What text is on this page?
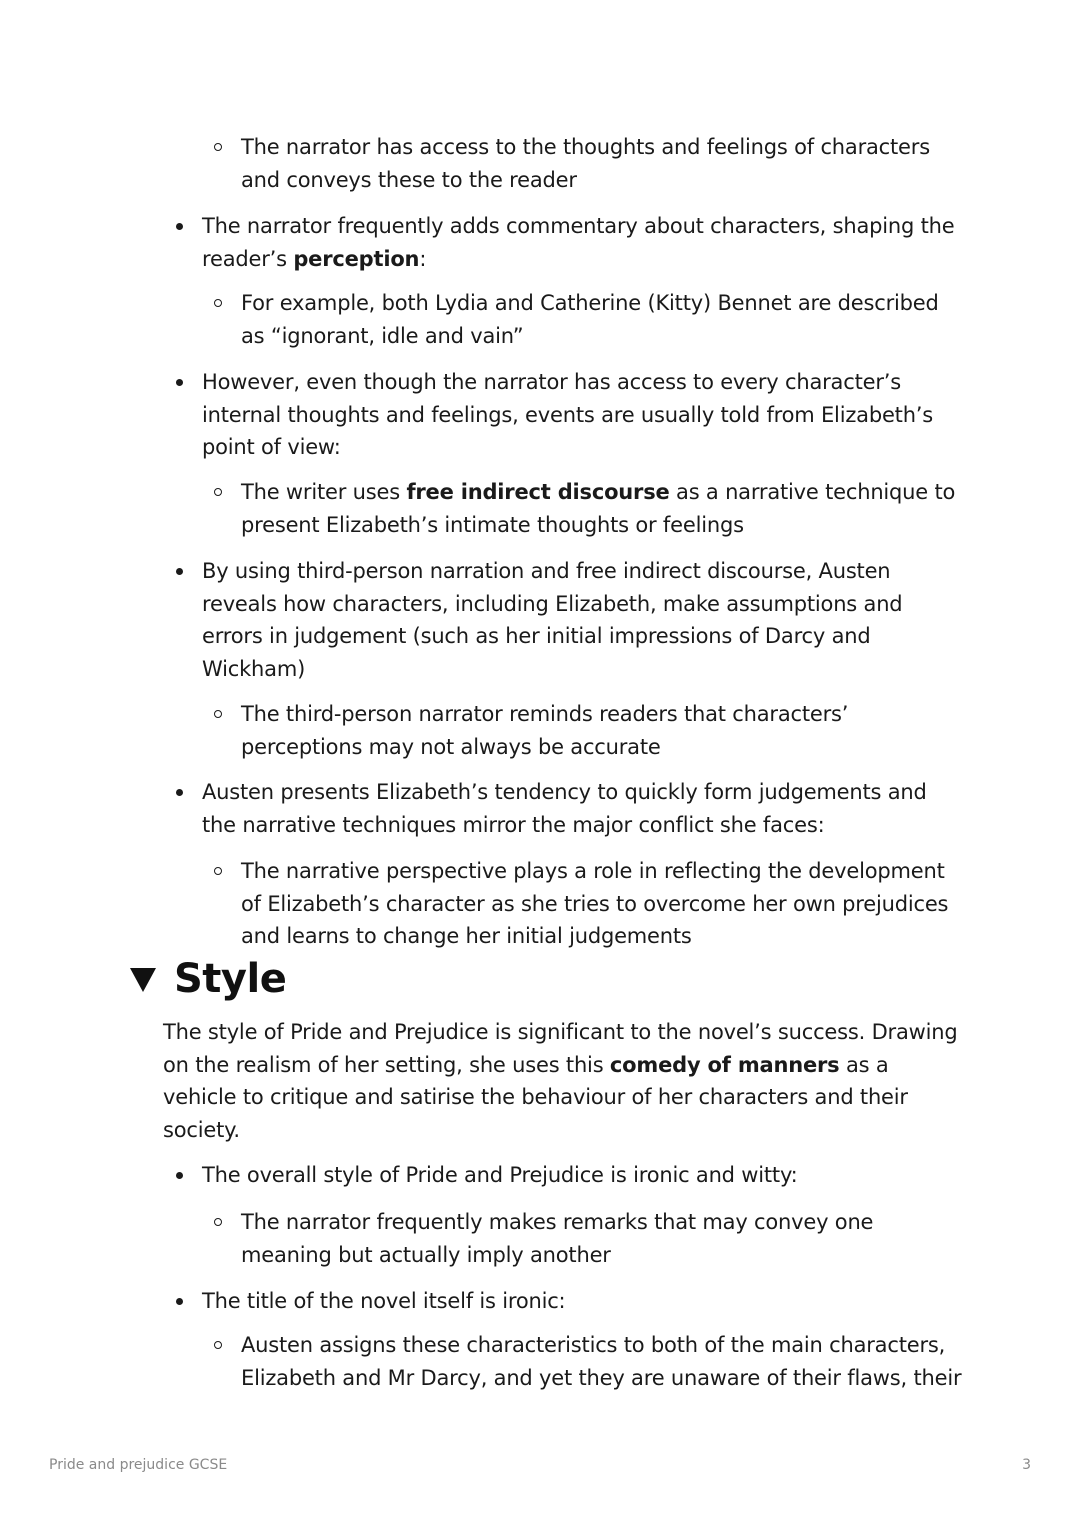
The narrator has access to the thoughts and feelings of characters and conveys these to the reader
The narrator frequently adds commentary about characters, shaping the reader’s perception:
For example, both Lydia and Catherine (Kitty) Bennet are described as “ignorant, idle and vain”
However, even though the narrator has access to every character’s internal thoughts and feelings, events are usually told from Elizabeth’s point of view:
The writer uses free indirect discourse as a narrative technique to present Elizabeth’s intimate thoughts or feelings
By using third-person narration and free indirect discourse, Austen reveals how characters, including Elizabeth, make assumptions and errors in judgement (such as her initial impressions of Darcy and Wickham)
The third-person narrator reminds readers that characters’ perceptions may not always be accurate
Austen presents Elizabeth’s tendency to quickly form judgements and the narrative techniques mirror the major conflict she faces:
The narrative perspective plays a role in reflecting the development of Elizabeth’s character as she tries to overcome her own prejudices and learns to change her initial judgements
Style
The style of Pride and Prejudice is significant to the novel’s success. Drawing on the realism of her setting, she uses this comedy of manners as a vehicle to critique and satirise the behaviour of her characters and their society.
The overall style of Pride and Prejudice is ironic and witty:
The narrator frequently makes remarks that may convey one meaning but actually imply another
The title of the novel itself is ironic:
Austen assigns these characteristics to both of the main characters, Elizabeth and Mr Darcy, and yet they are unaware of their flaws, their
Pride and prejudice GCSE	3
